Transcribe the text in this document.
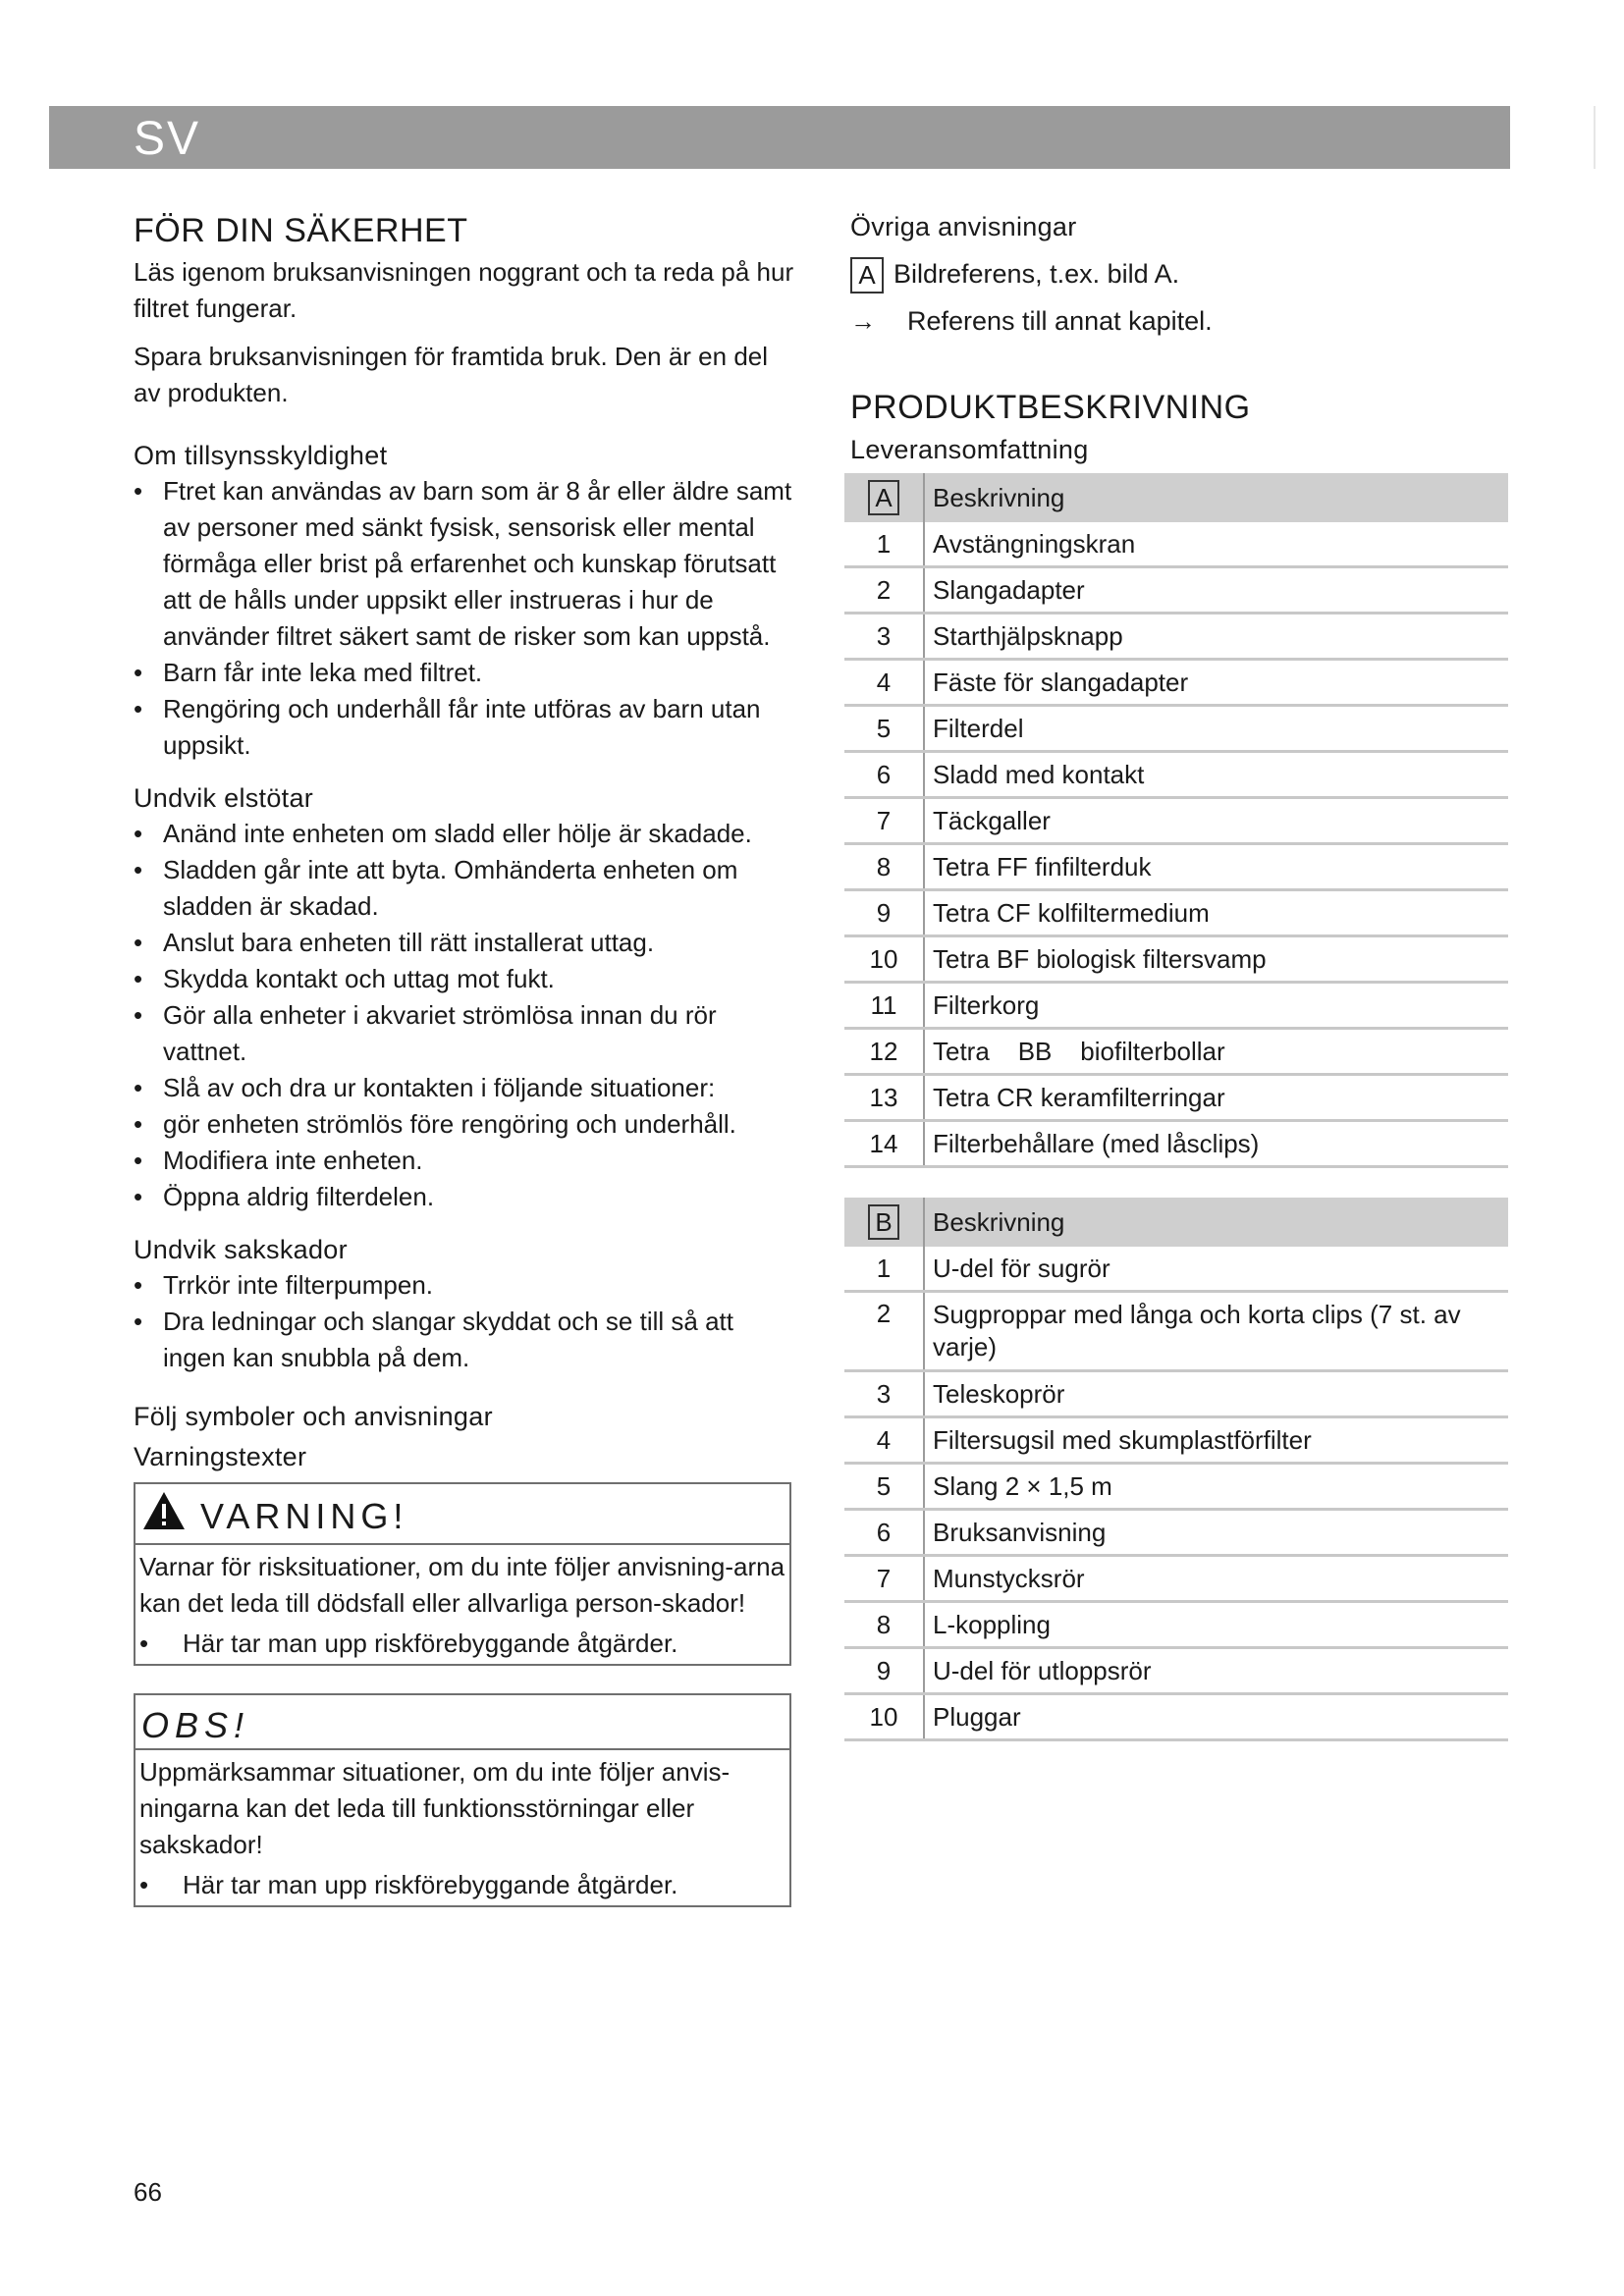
SV
FÖR DIN SÄKERHET

Läs igenom bruksanvisningen noggrant och ta reda på hur filtret fungerar.

Spara bruksanvisningen för framtida bruk. Den är en del av produkten.

Om tillsynsskyldighet
• Ftret kan användas av barn som är 8 år eller äldre samt av personer med sänkt fysisk, sensorisk eller mental förmåga eller brist på erfarenhet och kunskap förutsatt att de hålls under uppsikt eller instrueras i hur de använder filtret säkert samt de risker som kan uppstå.
• Barn får inte leka med filtret.
• Rengöring och underhåll får inte utföras av barn utan uppsikt.
Undvik elstötar
• Anänd inte enheten om sladd eller hölje är skadade.
• Sladden går inte att byta. Omhänderta enheten om sladden är skadad.
• Anslut bara enheten till rätt installerat uttag.
• Skydda kontakt och uttag mot fukt.
• Gör alla enheter i akvariet strömlösa innan du rör vattnet.
• Slå av och dra ur kontakten i följande situationer:
• gör enheten strömlös före rengöring och underhåll.
• Modifiera inte enheten.
• Öppna aldrig filterdelen.
Undvik sakskador
• Trrkör inte filterpumpen.
• Dra ledningar och slangar skyddat och se till så att ingen kan snubbla på dem.
Följ symboler och anvisningar
Varningstexter
VARNING!

Varnar för risksituationer, om du inte följer anvisning-arna kan det leda till dödsfall eller allvarliga person-skador!

• Här tar man upp riskförebyggande åtgärder.
OBS!

Uppmärksammar situationer, om du inte följer anvis-ningarna kan det leda till funktionsstörningar eller sakskador!

• Här tar man upp riskförebyggande åtgärder.
Övriga anvisningar
A Bildreferens, t.ex. bild A.
→ Referens till annat kapitel.
PRODUKTBESKRIVNING
Leveransomfattning
A	Beskrivning
1	Avstängningskran
2	Slangadapter
3	Starthjälpsknapp
4	Fäste för slangadapter
5	Filterdel
6	Sladd med kontakt
7	Täckgaller
8	Tetra FF finfilterduk
9	Tetra CF kolfiltermedium
10	Tetra BF biologisk filtersvamp
11	Filterkorg
12	Tetra    BB    biofilterbollar
13	Tetra CR keramfilterringar
14	Filterbehållare (med låsclips)
B	Beskrivning
1	U-del för sugrör
2	Sugproppar med långa och korta clips (7 st. av varje)
3	Teleskoprör
4	Filtersugsil med skumplastförfilter
5	Slang 2 × 1,5 m
6	Bruksanvisning
7	Munstycksrör
8	L-koppling
9	U-del för utloppsrör
10	Pluggar
66
